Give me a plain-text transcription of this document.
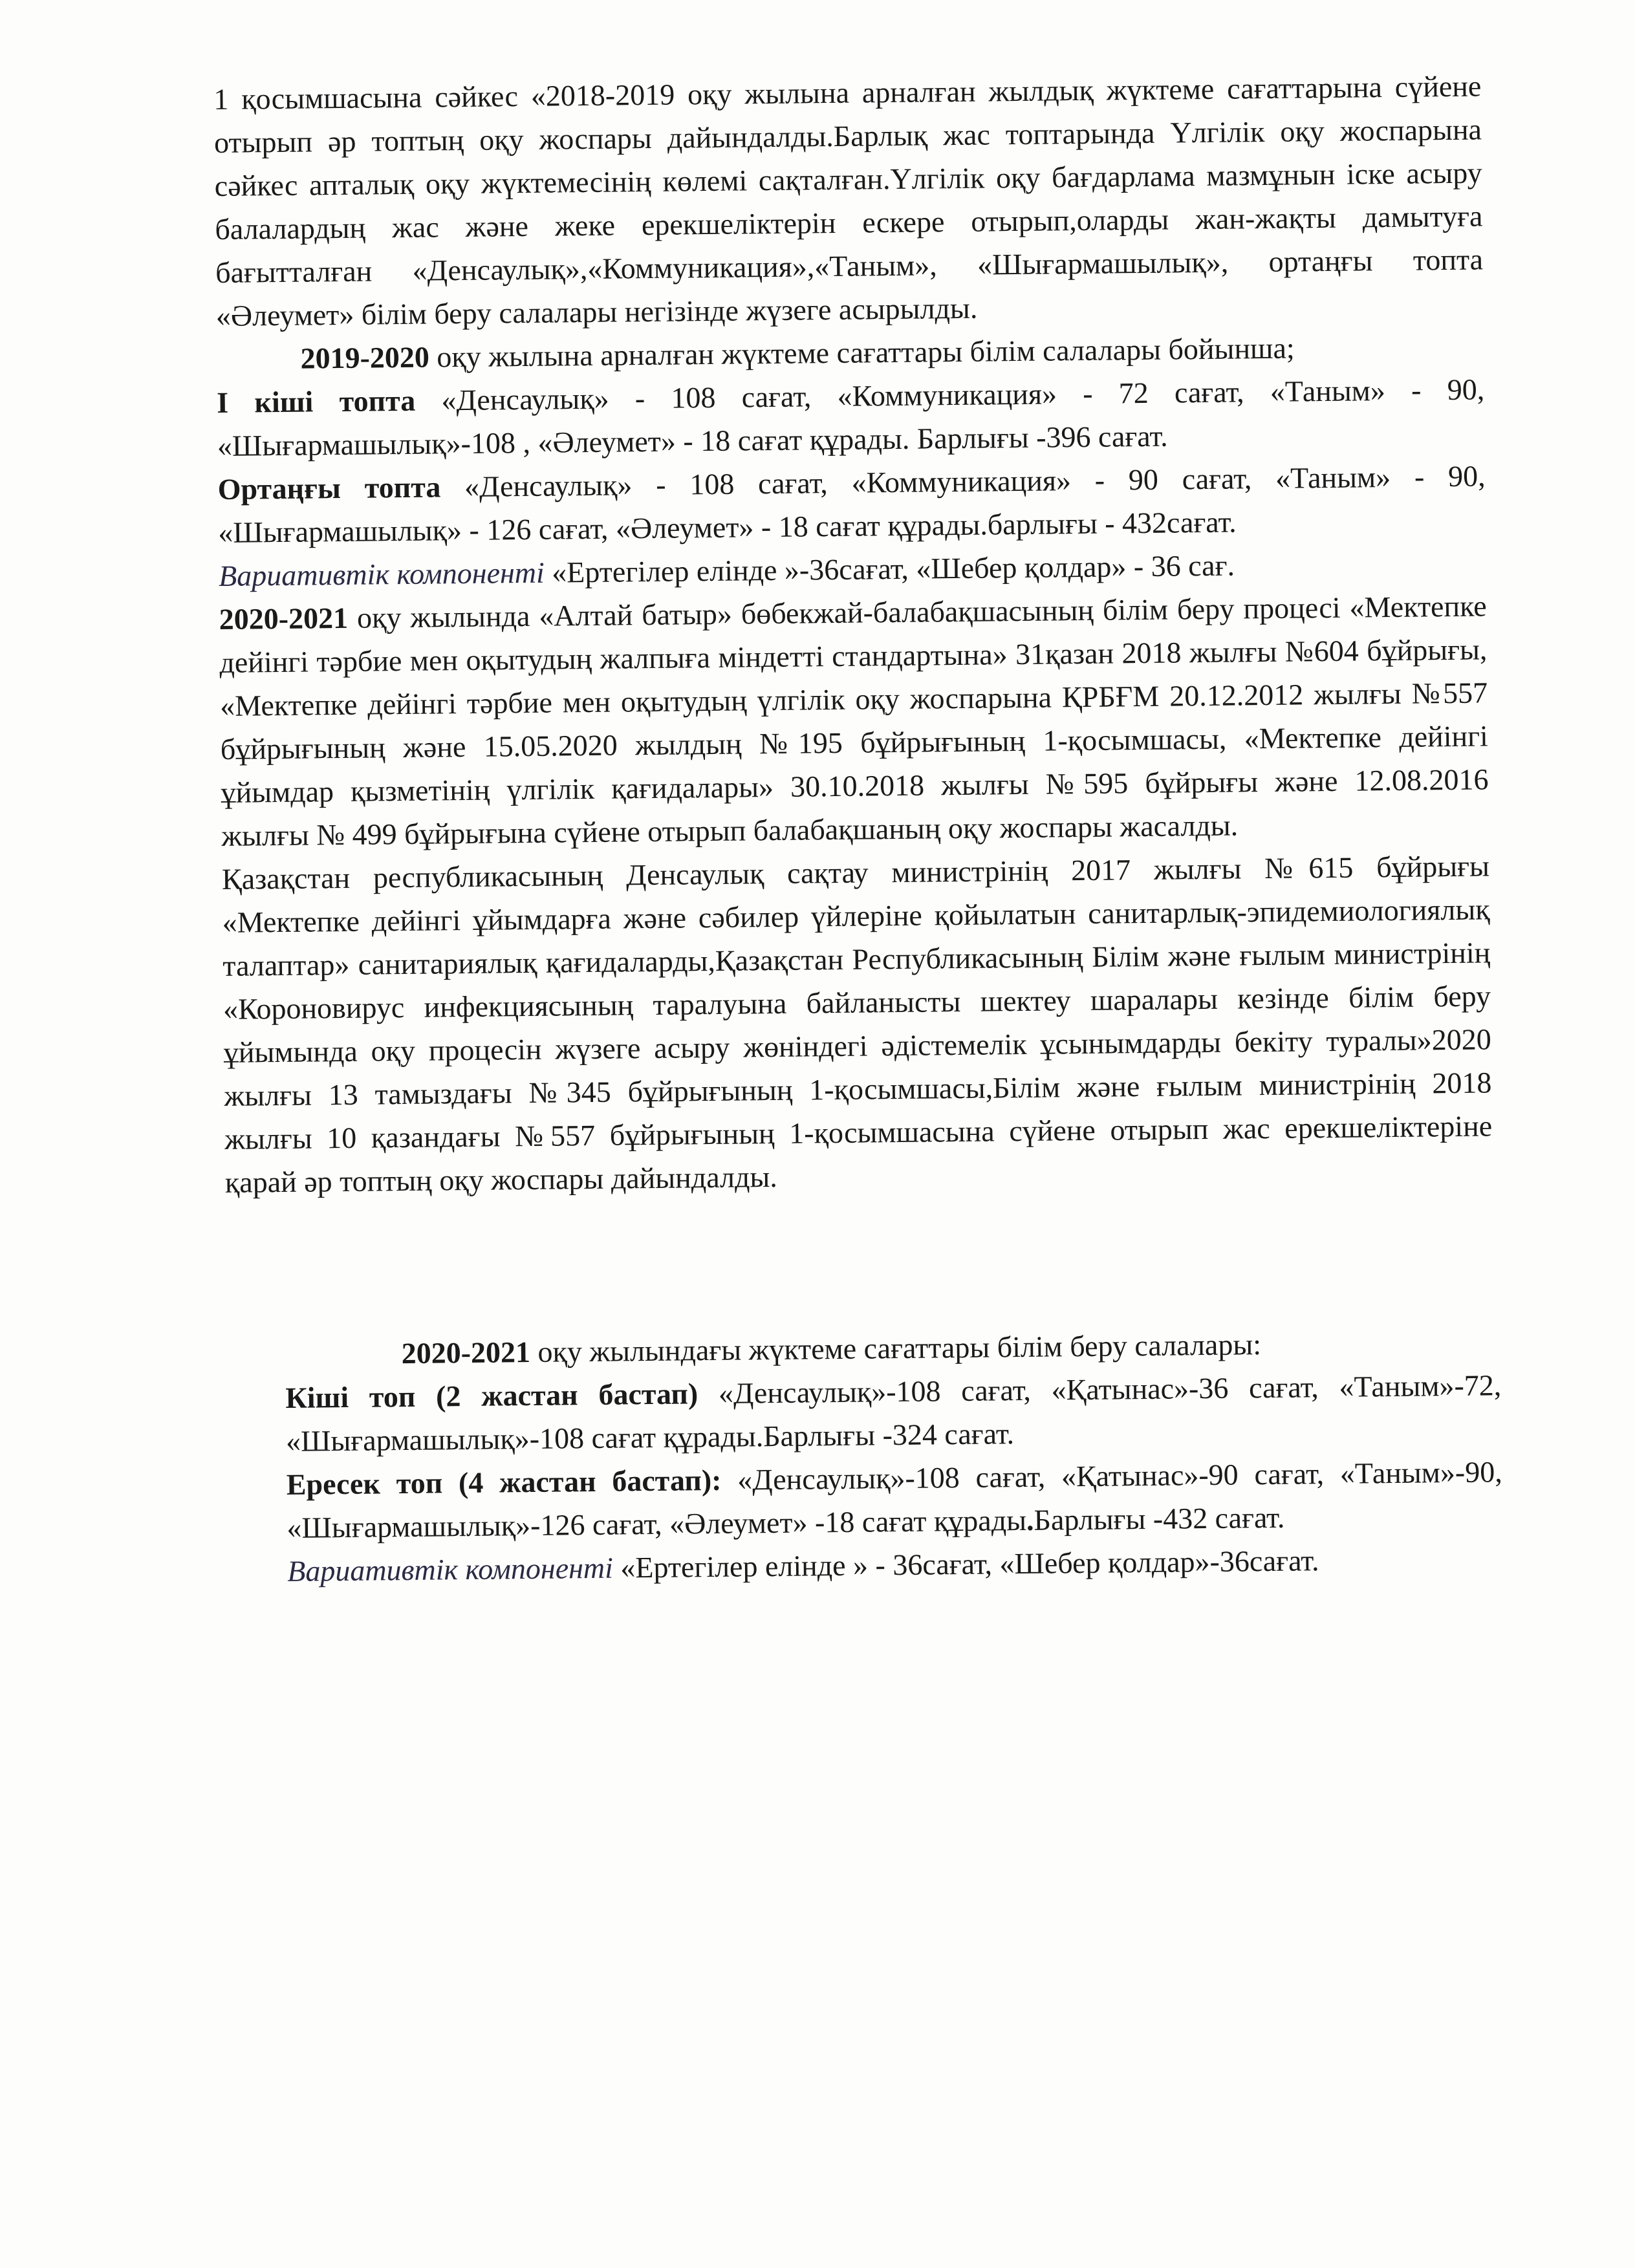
1 қосымшасына сәйкес «2018-2019 оқу жылына арналған жылдық жүктеме сағаттарына сүйене отырып әр топтың оқу жоспары дайындалды.Барлық жас топтарында Үлгілік оқу жоспарына сәйкес апталық оқу жүктемесінің көлемі сақталған.Үлгілік оқу бағдарлама мазмұнын іске асыру балалардың жас және жеке ерекшеліктерін ескере отырып,оларды жан-жақты дамытуға бағытталған «Денсаулық»,«Коммуникация»,«Таным», «Шығармашылық», ортаңғы топта «Әлеумет» білім беру салалары негізінде жүзеге асырылды.

2019-2020 оқу жылына арналған жүктеме сағаттары білім салалары бойынша;

I кіші топта «Денсаулық» - 108 сағат, «Коммуникация» - 72 сағат, «Таным» - 90, «Шығармашылық»-108 , «Әлеумет» - 18 сағат құрады. Барлығы -396 сағат.

Ортаңғы топта «Денсаулық» - 108 сағат, «Коммуникация» - 90 сағат, «Таным» - 90, «Шығармашылық» - 126 сағат, «Әлеумет» - 18 сағат құрады.барлығы - 432сағат.

Вариативтік компоненті «Ертегілер елінде »-36сағат, «Шебер қолдар» - 36 сағ.

2020-2021 оқу жылында «Алтай батыр» бөбекжай-балабақшасының білім беру процесі «Мектепке дейінгі тәрбие мен оқытудың жалпыға міндетті стандартына» 31қазан 2018 жылғы №604 бұйрығы, «Мектепке дейінгі тәрбие мен оқытудың үлгілік оқу жоспарына ҚРБҒМ 20.12.2012 жылғы №557 бұйрығының және 15.05.2020 жылдың №195 бұйрығының 1-қосымшасы, «Мектепке дейінгі ұйымдар қызметінің үлгілік қағидалары» 30.10.2018 жылғы №595 бұйрығы және 12.08.2016 жылғы № 499 бұйрығына сүйене отырып балабақшаның оқу жоспары жасалды.

Қазақстан республикасының Денсаулық сақтау министрінің 2017 жылғы №615 бұйрығы «Мектепке дейінгі ұйымдарға және сәбилер үйлеріне қойылатын санитарлық-эпидемиологиялық талаптар» санитариялық қағидаларды,Қазақстан Республикасының Білім және ғылым министрінің «Короновирус инфекциясының таралуына байланысты шектеу шаралары кезінде білім беру ұйымында оқу процесін жүзеге асыру жөніндегі әдістемелік ұсынымдарды бекіту туралы»2020 жылғы 13 тамыздағы №345 бұйрығының 1-қосымшасы,Білім және ғылым министрінің 2018 жылғы 10 қазандағы №557 бұйрығының 1-қосымшасына сүйене отырып жас ерекшеліктеріне қарай әр топтың оқу жоспары дайындалды.

2020-2021 оқу жылындағы жүктеме сағаттары білім беру салалары:

Кіші топ (2 жастан бастап) «Денсаулық»-108 сағат, «Қатынас»-36 сағат, «Таным»-72, «Шығармашылық»-108 сағат құрады.Барлығы -324 сағат.

Ересек топ (4 жастан бастап): «Денсаулық»-108 сағат, «Қатынас»-90 сағат, «Таным»-90, «Шығармашылық»-126 сағат, «Әлеумет» -18 сағат құрады.Барлығы -432 сағат.

Вариативтік компоненті «Ертегілер елінде » - 36сағат, «Шебер қолдар»-36сағат.
